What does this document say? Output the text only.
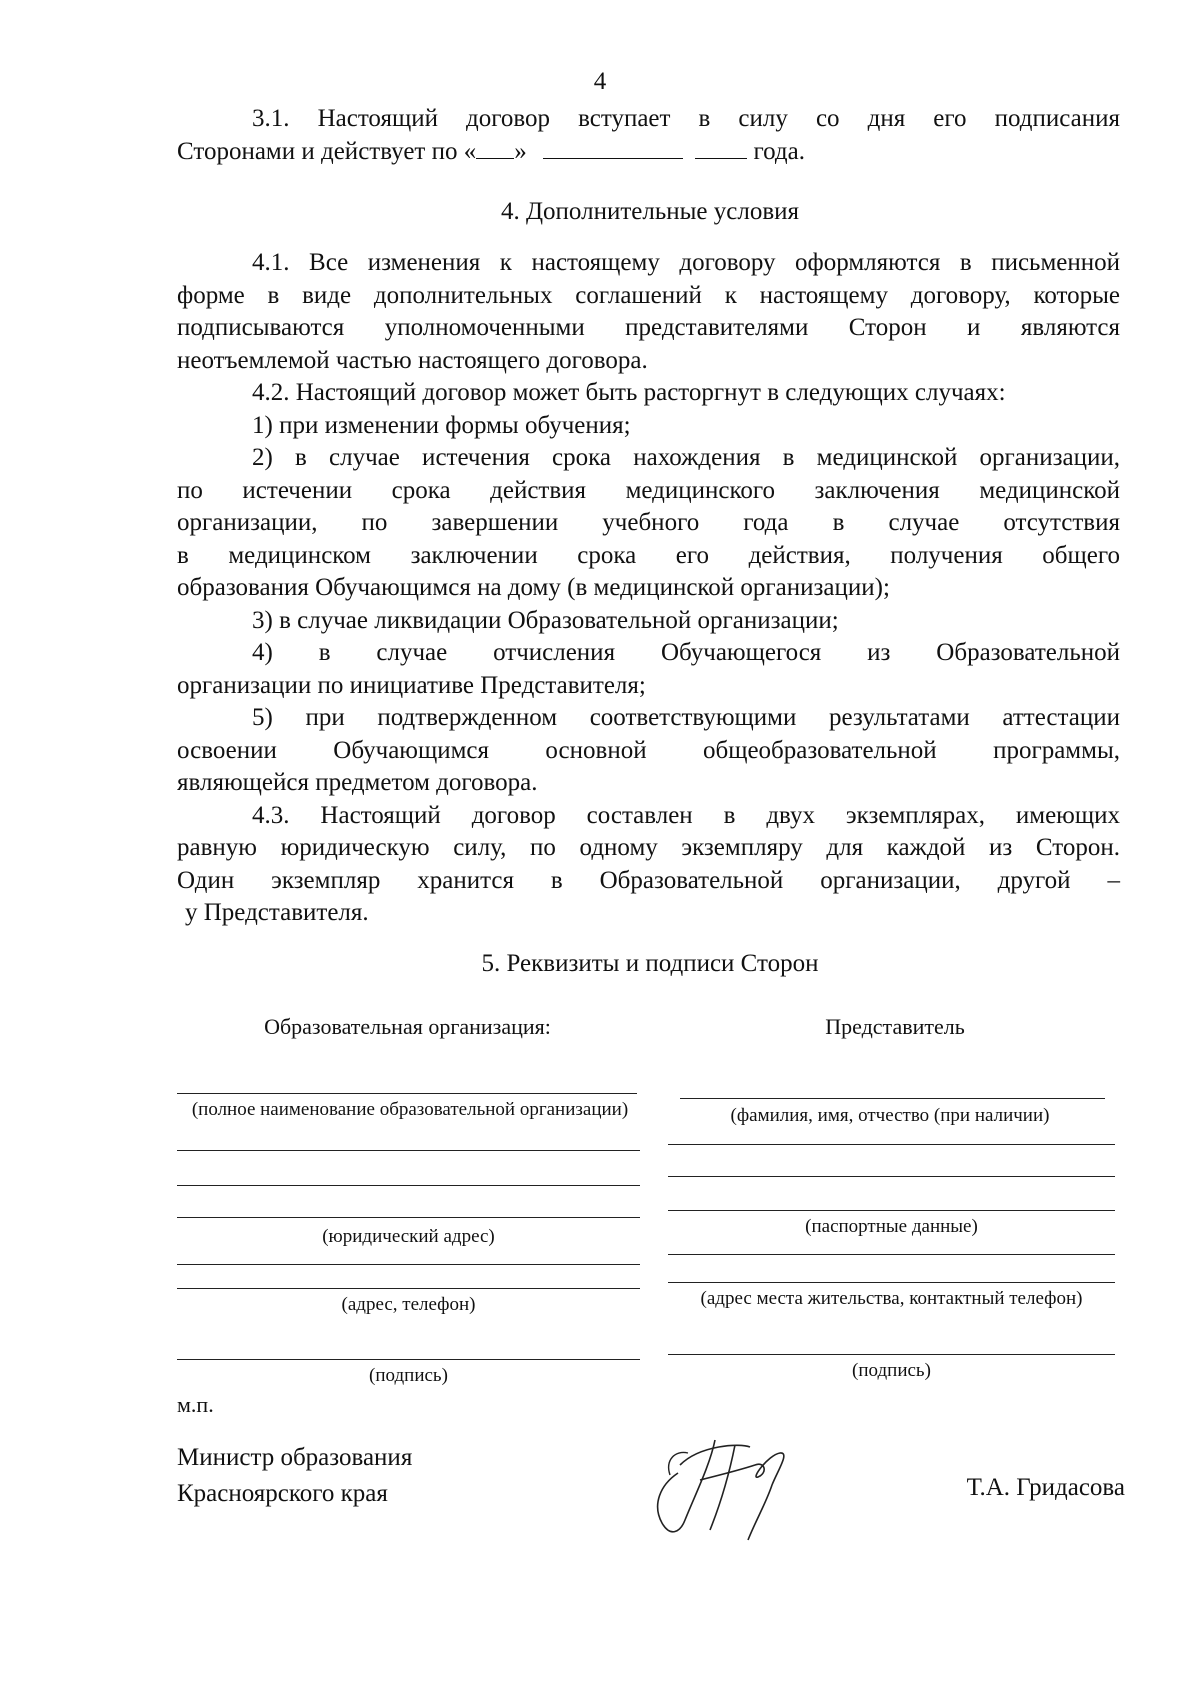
4

3.1. Настоящий договор вступает в силу со дня его подписания

Сторонами и действует по « »	года.

4. Дополнительные условия

4.1. Все изменения к настоящему договору оформляются в письменной

форме в виде дополнительных соглашений к настоящему договору, которые

подписываются уполномоченными представителями Сторон и являются

неотъемлемой частью настоящего договора.

4.2. Настоящий договор может быть расторгнут в следующих случаях:

1) при изменении формы обучения;

2) в случае истечения срока нахождения в медицинской организации,

по истечении срока действия медицинского заключения медицинской

организации, по завершении учебного года в случае отсутствия

в медицинском заключении срока его действия, получения общего

образования Обучающимся на дому (в медицинской организации);

3) в случае ликвидации Образовательной организации;

4) в случае отчисления Обучающегося из Образовательной

организации по инициативе Представителя;

5) при подтвержденном соответствующими результатами аттестации

освоении Обучающимся основной общеобразовательной программы,

являющейся предметом договора.

4.3. Настоящий договор составлен в двух экземплярах, имеющих

равную юридическую силу, по одному экземпляру для каждой из Сторон.

Один экземпляр хранится в Образовательной организации, другой –

у Представителя.

5. Реквизиты и подписи Сторон
Образовательная организация:
(полное наименование образовательной организации)
(юридический адрес)
(адрес, телефон)
(подпись)
м.п.
Представитель
(фамилия, имя, отчество (при наличии)
(паспортные данные)
(адрес места жительства, контактный телефон)
(подпись)
Министр образования
Красноярского края	Т.А. Гридасова
